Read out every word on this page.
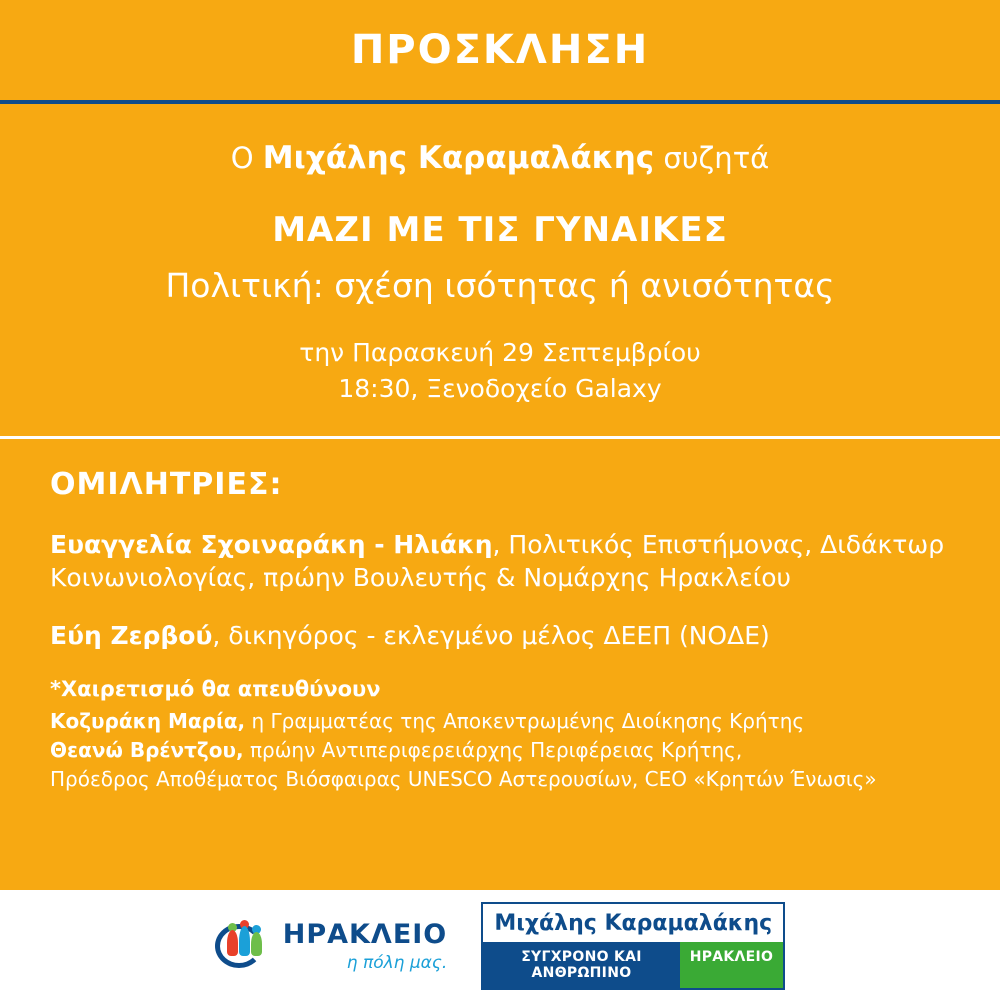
ΠΡΟΣΚΛΗΣΗ
Ο Μιχάλης Καραμαλάκης συζητά
ΜΑΖΙ ΜΕ ΤΙΣ ΓΥΝΑΙΚΕΣ
Πολιτική: σχέση ισότητας ή ανισότητας
την Παρασκευή 29 Σεπτεμβρίου
18:30, Ξενοδοχείο Galaxy
ΟΜΙΛΗΤΡΙΕΣ:
Ευαγγελία Σχοιναράκη - Ηλιάκη, Πολιτικός Επιστήμονας, Διδάκτωρ Κοινωνιολογίας, πρώην Βουλευτής & Νομάρχης Ηρακλείου
Εύη Ζερβού, δικηγόρος - εκλεγμένο μέλος ΔΕΕΠ (ΝΟΔΕ)
*Χαιρετισμό θα απευθύνουν
Κοζυράκη Μαρία, η Γραμματέας της Αποκεντρωμένης Διοίκησης Κρήτης
Θεανώ Βρέντζου, πρώην Αντιπεριφερειάρχης Περιφέρειας Κρήτης,
Πρόεδρος Αποθέματος Βιόσφαιρας UNESCO Αστερουσίων, CEO «Κρητών Ένωσις»
ΗΡΑΚΛΕΙΟ
η πόλη μας.
Μιχάλης Καραμαλάκης
ΣΥΓΧΡΟΝΟ ΚΑΙ ΑΝΘΡΩΠΙΝΟ
ΗΡΑΚΛΕΙΟ
